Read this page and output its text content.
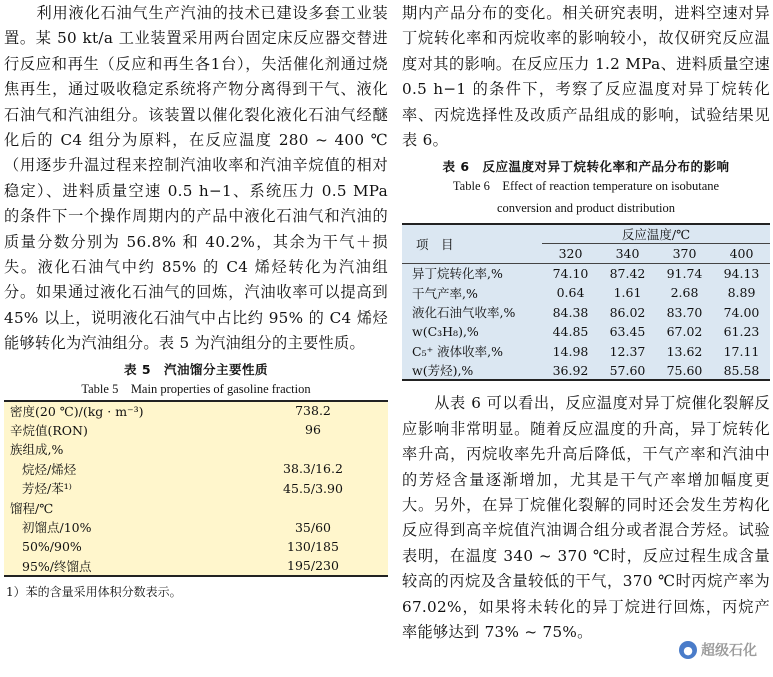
利用液化石油气生产汽油的技术已建设多套工业装置。某 50 kt/a 工业装置采用两台固定床反应器交替进行反应和再生（反应和再生各1台），失活催化剂通过烧焦再生，通过吸收稳定系统将产物分离得到干气、液化石油气和汽油组分。该装置以催化裂化液化石油气经醚化后的 C4 组分为原料，在反应温度 280 ~ 400 ℃（用逐步升温过程来控制汽油收率和汽油辛烷值的相对稳定）、进料质量空速 0.5 h−1、系统压力 0.5 MPa 的条件下一个操作周期内的产品中液化石油气和汽油的质量分数分别为 56.8% 和 40.2%，其余为干气＋损失。液化石油气中约 85% 的 C4 烯烃转化为汽油组分。如果通过液化石油气的回炼，汽油收率可以提高到 45% 以上，说明液化石油气中占比约 95% 的 C4 烯烃能够转化为汽油组分。表 5 为汽油组分的主要性质。

表 5　汽油馏分主要性质
Table 5　Main properties of gasoline fraction
密度(20 ℃)/(kg · m⁻³)	738.2
辛烷值(RON)	96
族组成,%	
烷烃/烯烃	38.3/16.2
芳烃/苯¹⁾	45.5/3.90
馏程/℃	
初馏点/10%	35/60
50%/90%	130/185
95%/终馏点	195/230
1）苯的含量采用体积分数表示。

期内产品分布的变化。相关研究表明，进料空速对异丁烷转化率和丙烷收率的影响较小，故仅研究反应温度对其的影响。在反应压力 1.2 MPa、进料质量空速 0.5 h−1 的条件下，考察了反应温度对异丁烷转化率、丙烷选择性及改质产品组成的影响，试验结果见表 6。

表 6　反应温度对异丁烷转化率和产品分布的影响
Table 6　Effect of reaction temperature on isobutane
conversion and product distribution
项　目	反应温度/℃			
	320	340	370	400
异丁烷转化率,%	74.10	87.42	91.74	94.13
干气产率,%	0.64	1.61	2.68	8.89
液化石油气收率,%	84.38	86.02	83.70	74.00
w(C₃H₈),%	44.85	63.45	67.02	61.23
C₅⁺ 液体收率,%	14.98	12.37	13.62	17.11
w(芳烃),%	36.92	57.60	75.60	85.58

从表 6 可以看出，反应温度对异丁烷催化裂解反应影响非常明显。随着反应温度的升高，异丁烷转化率升高，丙烷收率先升高后降低，干气产率和汽油中的芳烃含量逐渐增加，尤其是干气产率增加幅度更大。另外，在异丁烷催化裂解的同时还会发生芳构化反应得到高辛烷值汽油调合组分或者混合芳烃。试验表明，在温度 340 ~ 370 ℃时，反应过程生成含量较高的丙烷及含量较低的干气，370 ℃时丙烷产率为 67.02%，如果将未转化的异丁烷进行回炼，丙烷产率能够达到 73% ~ 75%。

● 超级石化
